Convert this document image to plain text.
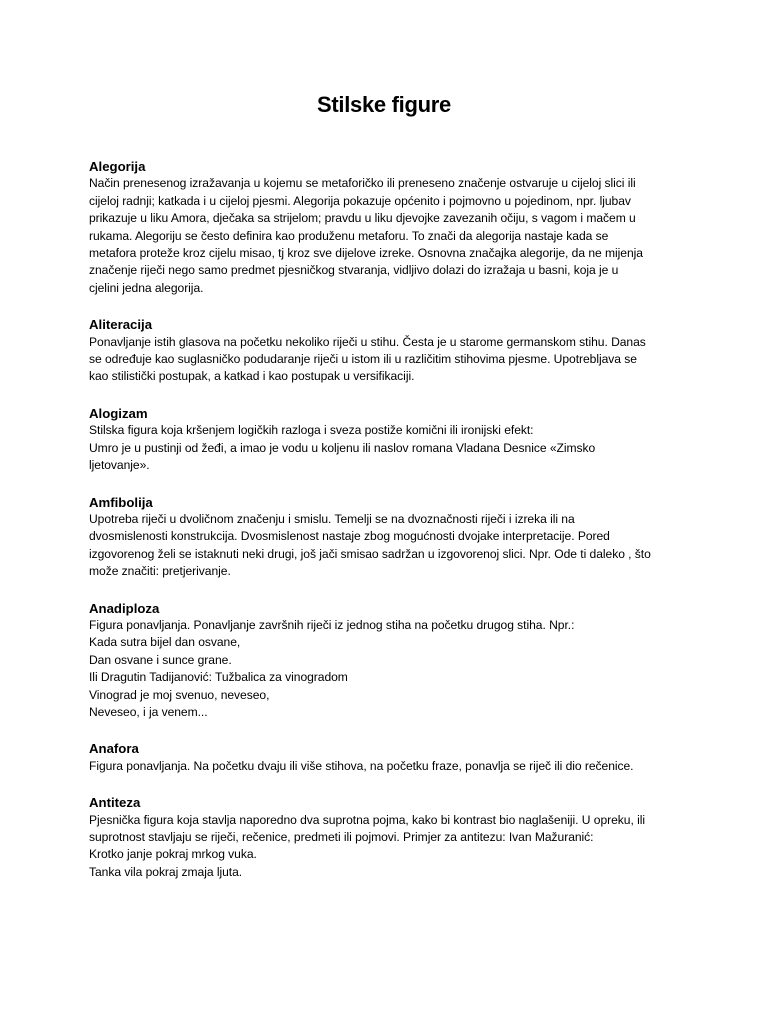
Stilske figure
Alegorija
Način prenesenog izražavanja u kojemu se metaforičko ili preneseno značenje ostvaruje u cijeloj slici ili
cijeloj radnji; katkada i u cijeloj pjesmi. Alegorija pokazuje općenito i pojmovno u pojedinom, npr. ljubav
prikazuje u liku Amora, dječaka sa strijelom; pravdu u liku djevojke zavezanih očiju, s vagom i mačem u
rukama. Alegoriju se često definira kao produženu metaforu. To znači da alegorija nastaje kada se
metafora proteže kroz cijelu misao, tj kroz sve dijelove izreke. Osnovna značajka alegorije, da ne mijenja
značenje riječi nego samo predmet pjesničkog stvaranja, vidljivo dolazi do izražaja u basni, koja je u
cjelini jedna alegorija.
Aliteracija
Ponavljanje istih glasova na početku nekoliko riječi u stihu. Česta je u starome germanskom stihu. Danas
se određuje kao suglasničko podudaranje riječi u istom ili u različitim stihovima pjesme. Upotrebljava se
kao stilistički postupak, a katkad i kao postupak u versifikaciji.
Alogizam
Stilska figura koja kršenjem logičkih razloga i sveza postiže komični ili ironijski efekt:
Umro je u pustinji od žeđi, a imao je vodu u koljenu ili naslov romana Vladana Desnice «Zimsko
ljetovanje».
Amfibolija
Upotreba riječi u dvoličnom značenju i smislu. Temelji se na dvoznačnosti riječi i izreka ili na
dvosmislenosti konstrukcija. Dvosmislenost nastaje zbog mogućnosti dvojake interpretacije. Pored
izgovorenog želi se istaknuti neki drugi, još jači smisao sadržan u izgovorenoj slici. Npr. Ode ti daleko , što
može značiti: pretjerivanje.
Anadiploza
Figura ponavljanja. Ponavljanje završnih riječi iz jednog stiha na početku drugog stiha. Npr.:
Kada sutra bijel dan osvane,
Dan osvane i sunce grane.
Ili Dragutin Tadijanović: Tužbalica za vinogradom
Vinograd je moj svenuo, neveseo,
Neveseo, i ja venem...
Anafora
Figura ponavljanja. Na početku dvaju ili više stihova, na početku fraze, ponavlja se riječ ili dio rečenice.
Antiteza
Pjesnička figura koja stavlja naporedno dva suprotna pojma, kako bi kontrast bio naglašeniji. U opreku, ili
suprotnost stavljaju se riječi, rečenice, predmeti ili pojmovi. Primjer za antitezu: Ivan Mažuranić:
Krotko janje pokraj mrkog vuka.
Tanka vila pokraj zmaja ljuta.
